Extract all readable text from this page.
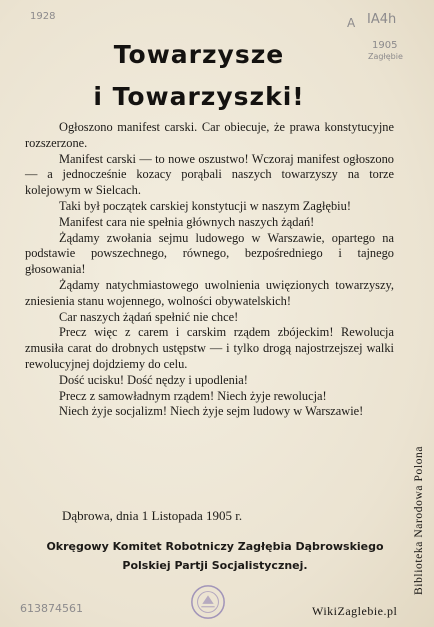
1928	A IA4h
1905
Zagłębie
Towarzysze
i Towarzyszki!

Ogłoszono manifest carski. Car obiecuje, że prawa konstytucyjne rozszerzone.

Manifest carski — to nowe oszustwo! Wczoraj manifest ogłoszono — a jednocześnie kozacy porąbali naszych towarzyszy na torze kolejowym w Sielcach.

Taki był początek carskiej konstytucji w naszym Zagłębiu!

Manifest cara nie spełnia głównych naszych żądań!

Żądamy zwołania sejmu ludowego w Warszawie, opartego na podstawie powszechnego, równego, bezpośredniego i tajnego głosowania!

Żądamy natychmiastowego uwolnienia uwięzionych towarzyszy, zniesienia stanu wojennego, wolności obywatelskich!

Car naszych żądań spełnić nie chce!

Precz więc z carem i carskim rządem zbójeckim! Rewolucja zmusiła carat do drobnych ustępstw — i tylko drogą najostrzejszej walki rewolucyjnej dojdziemy do celu.

Dość ucisku! Dość nędzy i upodlenia!

Precz z samowładnym rządem! Niech żyje rewolucja!

Niech żyje socjalizm! Niech żyje sejm ludowy w Warszawie!

Dąbrowa, dnia 1 Listopada 1905 r.
Okręgowy Komitet Robotniczy Zagłębia Dąbrowskiego
Polskiej Partji Socjalistycznej.
613874561
Biblioteka Narodowa Polona
WikiZaglebie.pl
